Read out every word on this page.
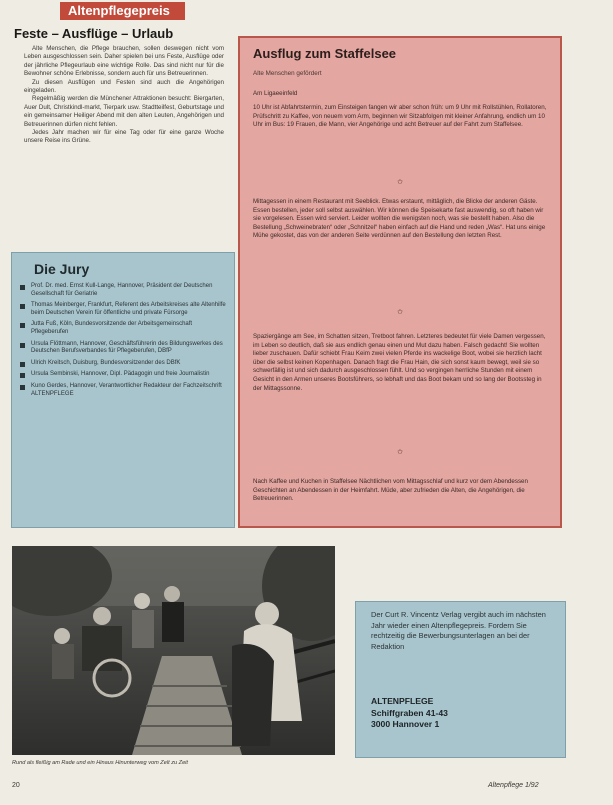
Altenpflegepreis
Feste – Ausflüge – Urlaub

Alte Menschen, die Pflege brauchen, sollen deswegen nicht vom Leben ausgeschlossen sein. Daher spielen bei uns Feste, Ausflüge oder der jährliche Pflegeurlaub eine wichtige Rolle. Das sind nicht nur für die Bewohner schöne Erlebnisse, sondern auch für uns Betreuerinnen.

Zu diesen Ausflügen und Festen sind auch die Angehörigen eingeladen.

Regelmäßig werden die Münchener Attraktionen besucht: Biergarten, Auer Dult, Christkindl-markt, Tierpark usw. Stadtteilfest, Geburtstage und ein gemeinsamer Heiliger Abend mit den alten Leuten, Angehörigen und Betreuerinnen dürfen nicht fehlen.

Jedes Jahr machen wir für eine Tag oder für eine ganze Woche unsere Reise ins Grüne.

Die Jury
Prof. Dr. med. Ernst Kull-Lange, Hannover, Präsident der Deutschen Gesellschaft für Geriatrie
Thomas Meinberger, Frankfurt, Referent des Arbeitskreises alte Altenhilfe beim Deutschen Verein für öffentliche und private Fürsorge
Jutta Fuß, Köln, Bundesvorsitzende der Arbeitsgemeinschaft Pflegeberufen
Ursula Flöttmann, Hannover, Geschäftsführerin des Bildungswerkes des Deutschen Berufsverbandes für Pflegeberufen, DBfP
Ulrich Kreitsch, Duisburg, Bundesvorsitzender des DBfK
Ursula Sembinski, Hannover, Dipl. Pädagogin und freie Journalistin
Kuno Gerdes, Hannover, Verantwortlicher Redakteur der Fachzeitschrift ALTENPFLEGE
Ausflug zum Staffelsee
Alte Menschen gefördert
Am Ligaeeinfeld
10 Uhr ist Abfahrtstermin, zum Einsteigen fangen wir aber schon früh: um 9 Uhr mit Rollstühlen, Rollatoren, Prüfschritt zu Kaffee, von neuem vom Arm, beginnen wir Sitzabfolgen mit kleiner Anfahrung, endlich um 10 Uhr im Bus: 19 Frauen, die Mann, vier Angehörige und acht Betreuer auf der Fahrt zum Staffelsee.
✩
Mittagessen in einem Restaurant mit Seeblick. Etwas erstaunt, mittäglich, die Blicke der anderen Gäste. Essen bestellen, jeder soll selbst auswählen. Wir können die Speisekarte fast auswendig, so oft haben wir sie vorgelesen. Essen wird serviert. Leider wollten die wenigsten noch, was sie bestellt haben. Also die Bestellung „Schweinebraten“ oder „Schnitzel“ haben einfach auf die Hand und reden „Was“. Hat uns einige Mühe gekostet, das von der anderen Seite verdünnen auf den Bestellung den letzten Rest.
✩
Spaziergänge am See, im Schatten sitzen, Tretboot fahren. Letzteres bedeutet für viele Damen vergessen, im Leben so deutlich, daß sie aus endlich genau einen und Mut dazu haben. Falsch gedacht! Sie wollten lieber zuschauen. Dafür schiebt Frau Keim zwei vielen Pferde ins wackelige Boot, wobei sie herzlich lacht über die selbst keinen Kopenhagen. Danach fragt die Frau Hain, die sich sonst kaum bewegt, weil sie so schwerfällig ist und sich dadurch ausgeschlossen fühlt. Und so vergingen herrliche Stunden mit einem Gesicht in den Armen unseres Bootsführers, so lebhaft und das Boot bekam und so lang der Bootssteg in der Mittagssonne.
✩
Nach Kaffee und Kuchen in Staffelsee Nächtlichen vom Mittagsschlaf und kurz vor dem Abendessen Geschichten an Abendessen in der Heimfahrt. Müde, aber zufrieden die Alten, die Angehörigen, die Betreuerinnen.
Rund als fleißig am Rade und ein Hinaus Hinunterweg vom Zelt zu Zeit
Der Curt R. Vincentz Verlag vergibt auch im nächsten Jahr wieder einen Altenpflegepreis. Fordern Sie rechtzeitig die Bewerbungsunterlagen an bei der Redaktion
ALTENPFLEGE
Schiffgraben 41-43
3000 Hannover 1
20	Altenpflege 1/92
